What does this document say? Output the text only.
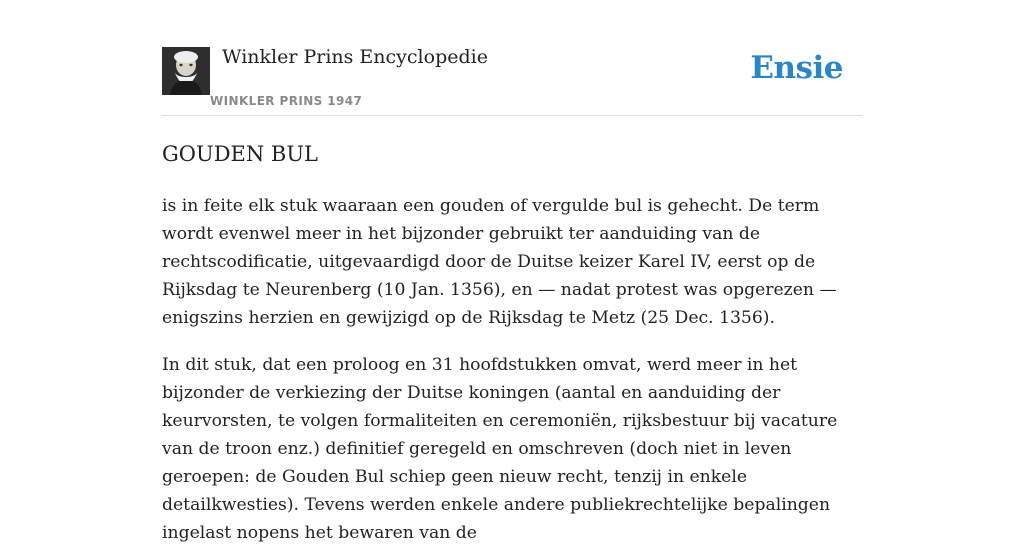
Winkler Prins Encyclopedie
WINKLER PRINS 1947
Ensie
GOUDEN BUL

is in feite elk stuk waaraan een gouden of vergulde bul is gehecht. De term wordt evenwel meer in het bijzonder gebruikt ter aanduiding van de rechtscodificatie, uitgevaardigd door de Duitse keizer Karel IV, eerst op de Rijksdag te Neurenberg (10 Jan. 1356), en — nadat protest was opgerezen — enigszins herzien en gewijzigd op de Rijksdag te Metz (25 Dec. 1356).

In dit stuk, dat een proloog en 31 hoofdstukken omvat, werd meer in het bijzonder de verkiezing der Duitse koningen (aantal en aanduiding der keurvorsten, te volgen formaliteiten en ceremoniën, rijksbestuur bij vacature van de troon enz.) definitief geregeld en omschreven (doch niet in leven geroepen: de Gouden Bul schiep geen nieuw recht, tenzij in enkele detailkwesties). Tevens werden enkele andere publiekrechtelijke bepalingen ingelast nopens het bewaren van de
